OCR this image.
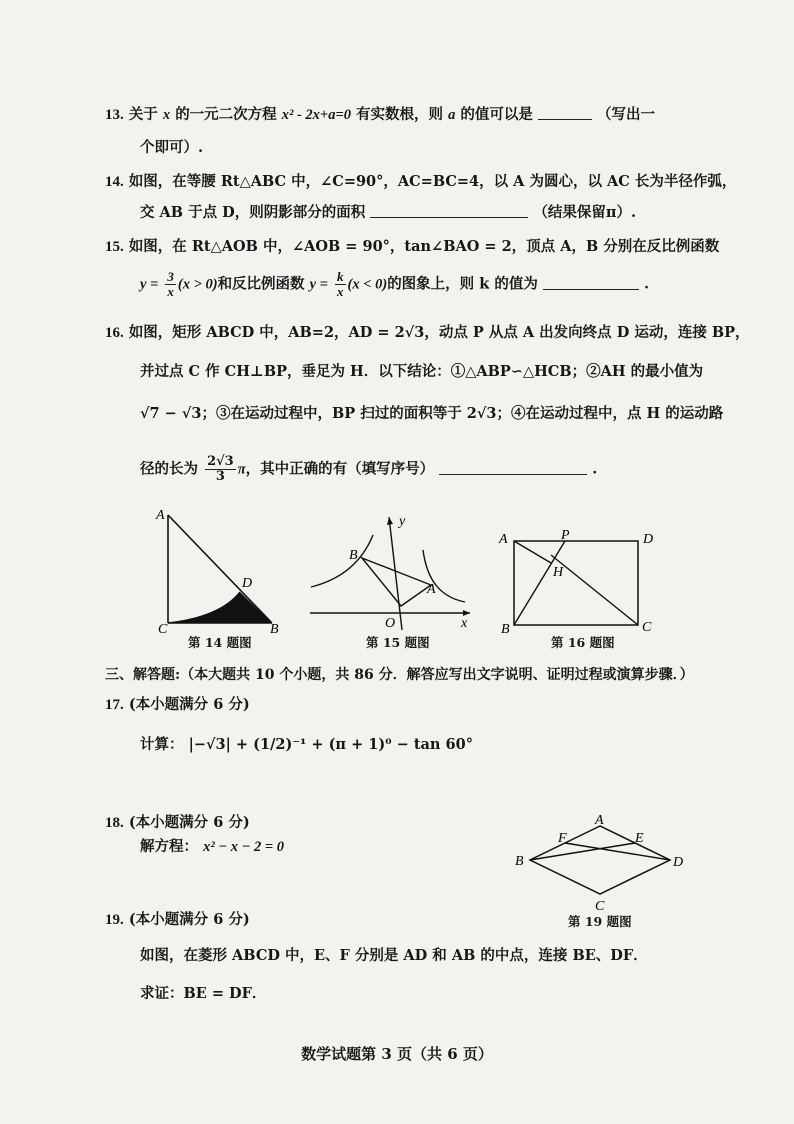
13. 关于 x 的一元二次方程 x² - 2x+a=0 有实数根，则 a 的值可以是	（写出一
个即可）.
14. 如图，在等腰 Rt△ABC 中，∠C=90°，AC=BC=4，以 A 为圆心，以 AC 长为半径作弧，
交 AB 于点 D，则阴影部分的面积	（结果保留π）.
15. 如图，在 Rt△AOB 中，∠AOB = 90°，tan∠BAO = 2，顶点 A，B 分别在反比例函数
$y = \frac{3}{x} (x > 0)$和反比例函数 $y = \frac{k}{x} (x < 0)$的图象上，则 k 的值为	.
16. 如图，矩形 ABCD 中，AB=2，AD = 2√3，动点 P 从点 A 出发向终点 D 运动，连接 BP，
并过点 C 作 CH⊥BP，垂足为 H．以下结论：①△ABP∽△HCB；②AH 的最小值为
√7 − √3；③在运动过程中，BP 扫过的面积等于 2√3；④在运动过程中，点 H 的运动路
径的长为 $\frac{2√3}{3}$ π，其中正确的有（填写序号）	.
A
D
C	B
第 14 题图
B
A
O
y
x
第 15 题图
A	P	D
H
B	C
第 16 题图
三、解答题:（本大题共 10 个小题，共 86 分．解答应写出文字说明、证明过程或演算步骤．）
17. (本小题满分 6 分)
计算： |−√3| + (1/2)⁻¹ + (π + 1)⁰ − tan 60°
18. (本小题满分 6 分)
解方程： x² − x − 2 = 0
A
F	E
B	D
C
第 19 题图
19. (本小题满分 6 分)
如图，在菱形 ABCD 中，E、F 分别是 AD 和 AB 的中点，连接 BE、DF．
求证：BE = DF．
数学试题第 3 页（共 6 页）
